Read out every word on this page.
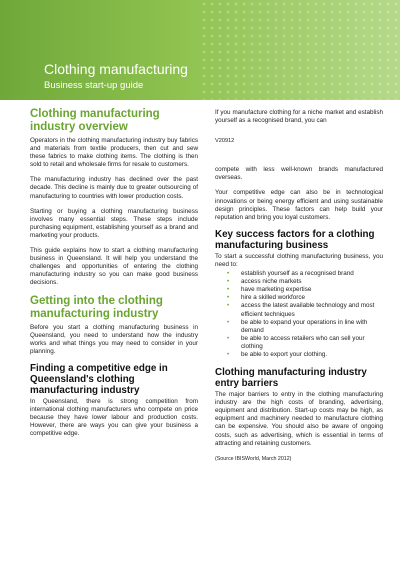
Clothing manufacturing
Business start-up guide
Clothing manufacturing industry overview

Operators in the clothing manufacturing industry buy fabrics and materials from textile producers, then cut and sew these fabrics to make clothing items. The clothing is then sold to retail and wholesale firms for resale to customers.

The manufacturing industry has declined over the past decade. This decline is mainly due to greater outsourcing of manufacturing to countries with lower production costs.

Starting or buying a clothing manufacturing business involves many essential steps. These steps include purchasing equipment, establishing yourself as a brand and marketing your products.

This guide explains how to start a clothing manufacturing business in Queensland. It will help you understand the challenges and opportunities of entering the clothing manufacturing industry so you can make good business decisions.

Getting into the clothing manufacturing industry

Before you start a clothing manufacturing business in Queensland, you need to understand how the industry works and what things you may need to consider in your planning.

Finding a competitive edge in Queensland's clothing manufacturing industry

In Queensland, there is strong competition from international clothing manufacturers who compete on price because they have lower labour and production costs. However, there are ways you can give your business a competitive edge.

If you manufacture clothing for a niche market and establish yourself as a recognised brand, you can

V20912

compete with less well-known brands manufactured overseas.

Your competitive edge can also be in technological innovations or being energy efficient and using sustainable design principles. These factors can help build your reputation and bring you loyal customers.

Key success factors for a clothing manufacturing business

To start a successful clothing manufacturing business, you need to:

• establish yourself as a recognised brand
• access niche markets
• have marketing expertise
• hire a skilled workforce
• access the latest available technology and most efficient techniques
• be able to expand your operations in line with demand
• be able to access retailers who can sell your clothing
• be able to export your clothing.
Clothing manufacturing industry entry barriers

The major barriers to entry in the clothing manufacturing industry are the high costs of branding, advertising, equipment and distribution. Start-up costs may be high, as equipment and machinery needed to manufacture clothing can be expensive. You should also be aware of ongoing costs, such as advertising, which is essential in terms of attracting and retaining customers.

(Source IBISWorld, March 2012)
